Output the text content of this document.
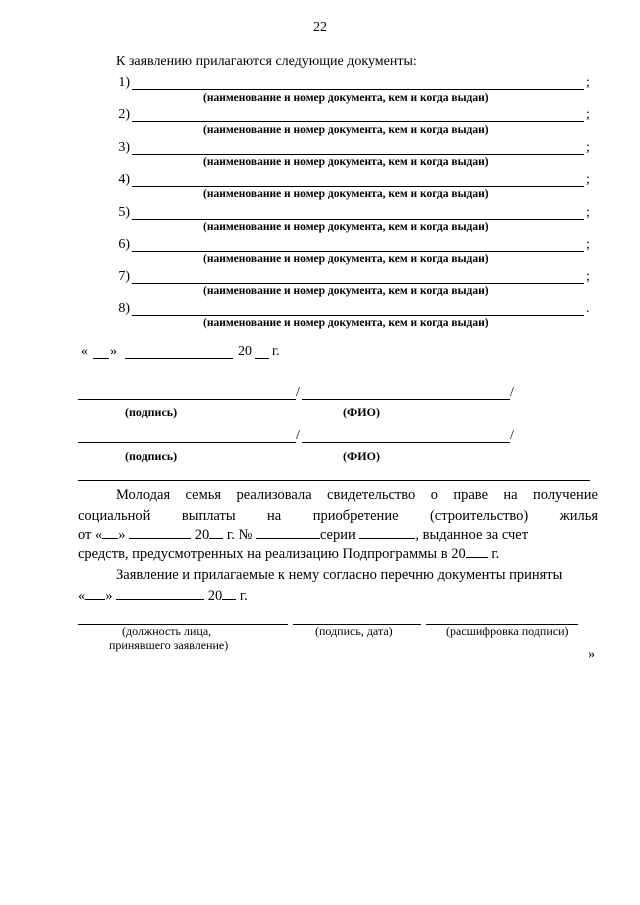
22
К заявлению прилагаются следующие документы:
1)	;
(наименование и номер документа, кем и когда выдан)
2)	;
(наименование и номер документа, кем и когда выдан)
3)	;
(наименование и номер документа, кем и когда выдан)
4)	;
(наименование и номер документа, кем и когда выдан)
5)	;
(наименование и номер документа, кем и когда выдан)
6)	;
(наименование и номер документа, кем и когда выдан)
7)	;
(наименование и номер документа, кем и когда выдан)
8)	.
(наименование и номер документа, кем и когда выдан)
« »	20 г.
/	/
(подпись)	(ФИО)
/	/
(подпись)	(ФИО)
Молодая семья реализовала свидетельство о праве на получение
социальной выплаты на приобретение (строительство) жилья
от « »	20 г. №	серии	, выданное за счет
средств, предусмотренных на реализацию Подпрограммы в 20 г.
Заявление и прилагаемые к нему согласно перечню документы приняты
« »	20 г.
(должность лица,
принявшего заявление)
(подпись, дата)	(расшифровка подписи)
»
